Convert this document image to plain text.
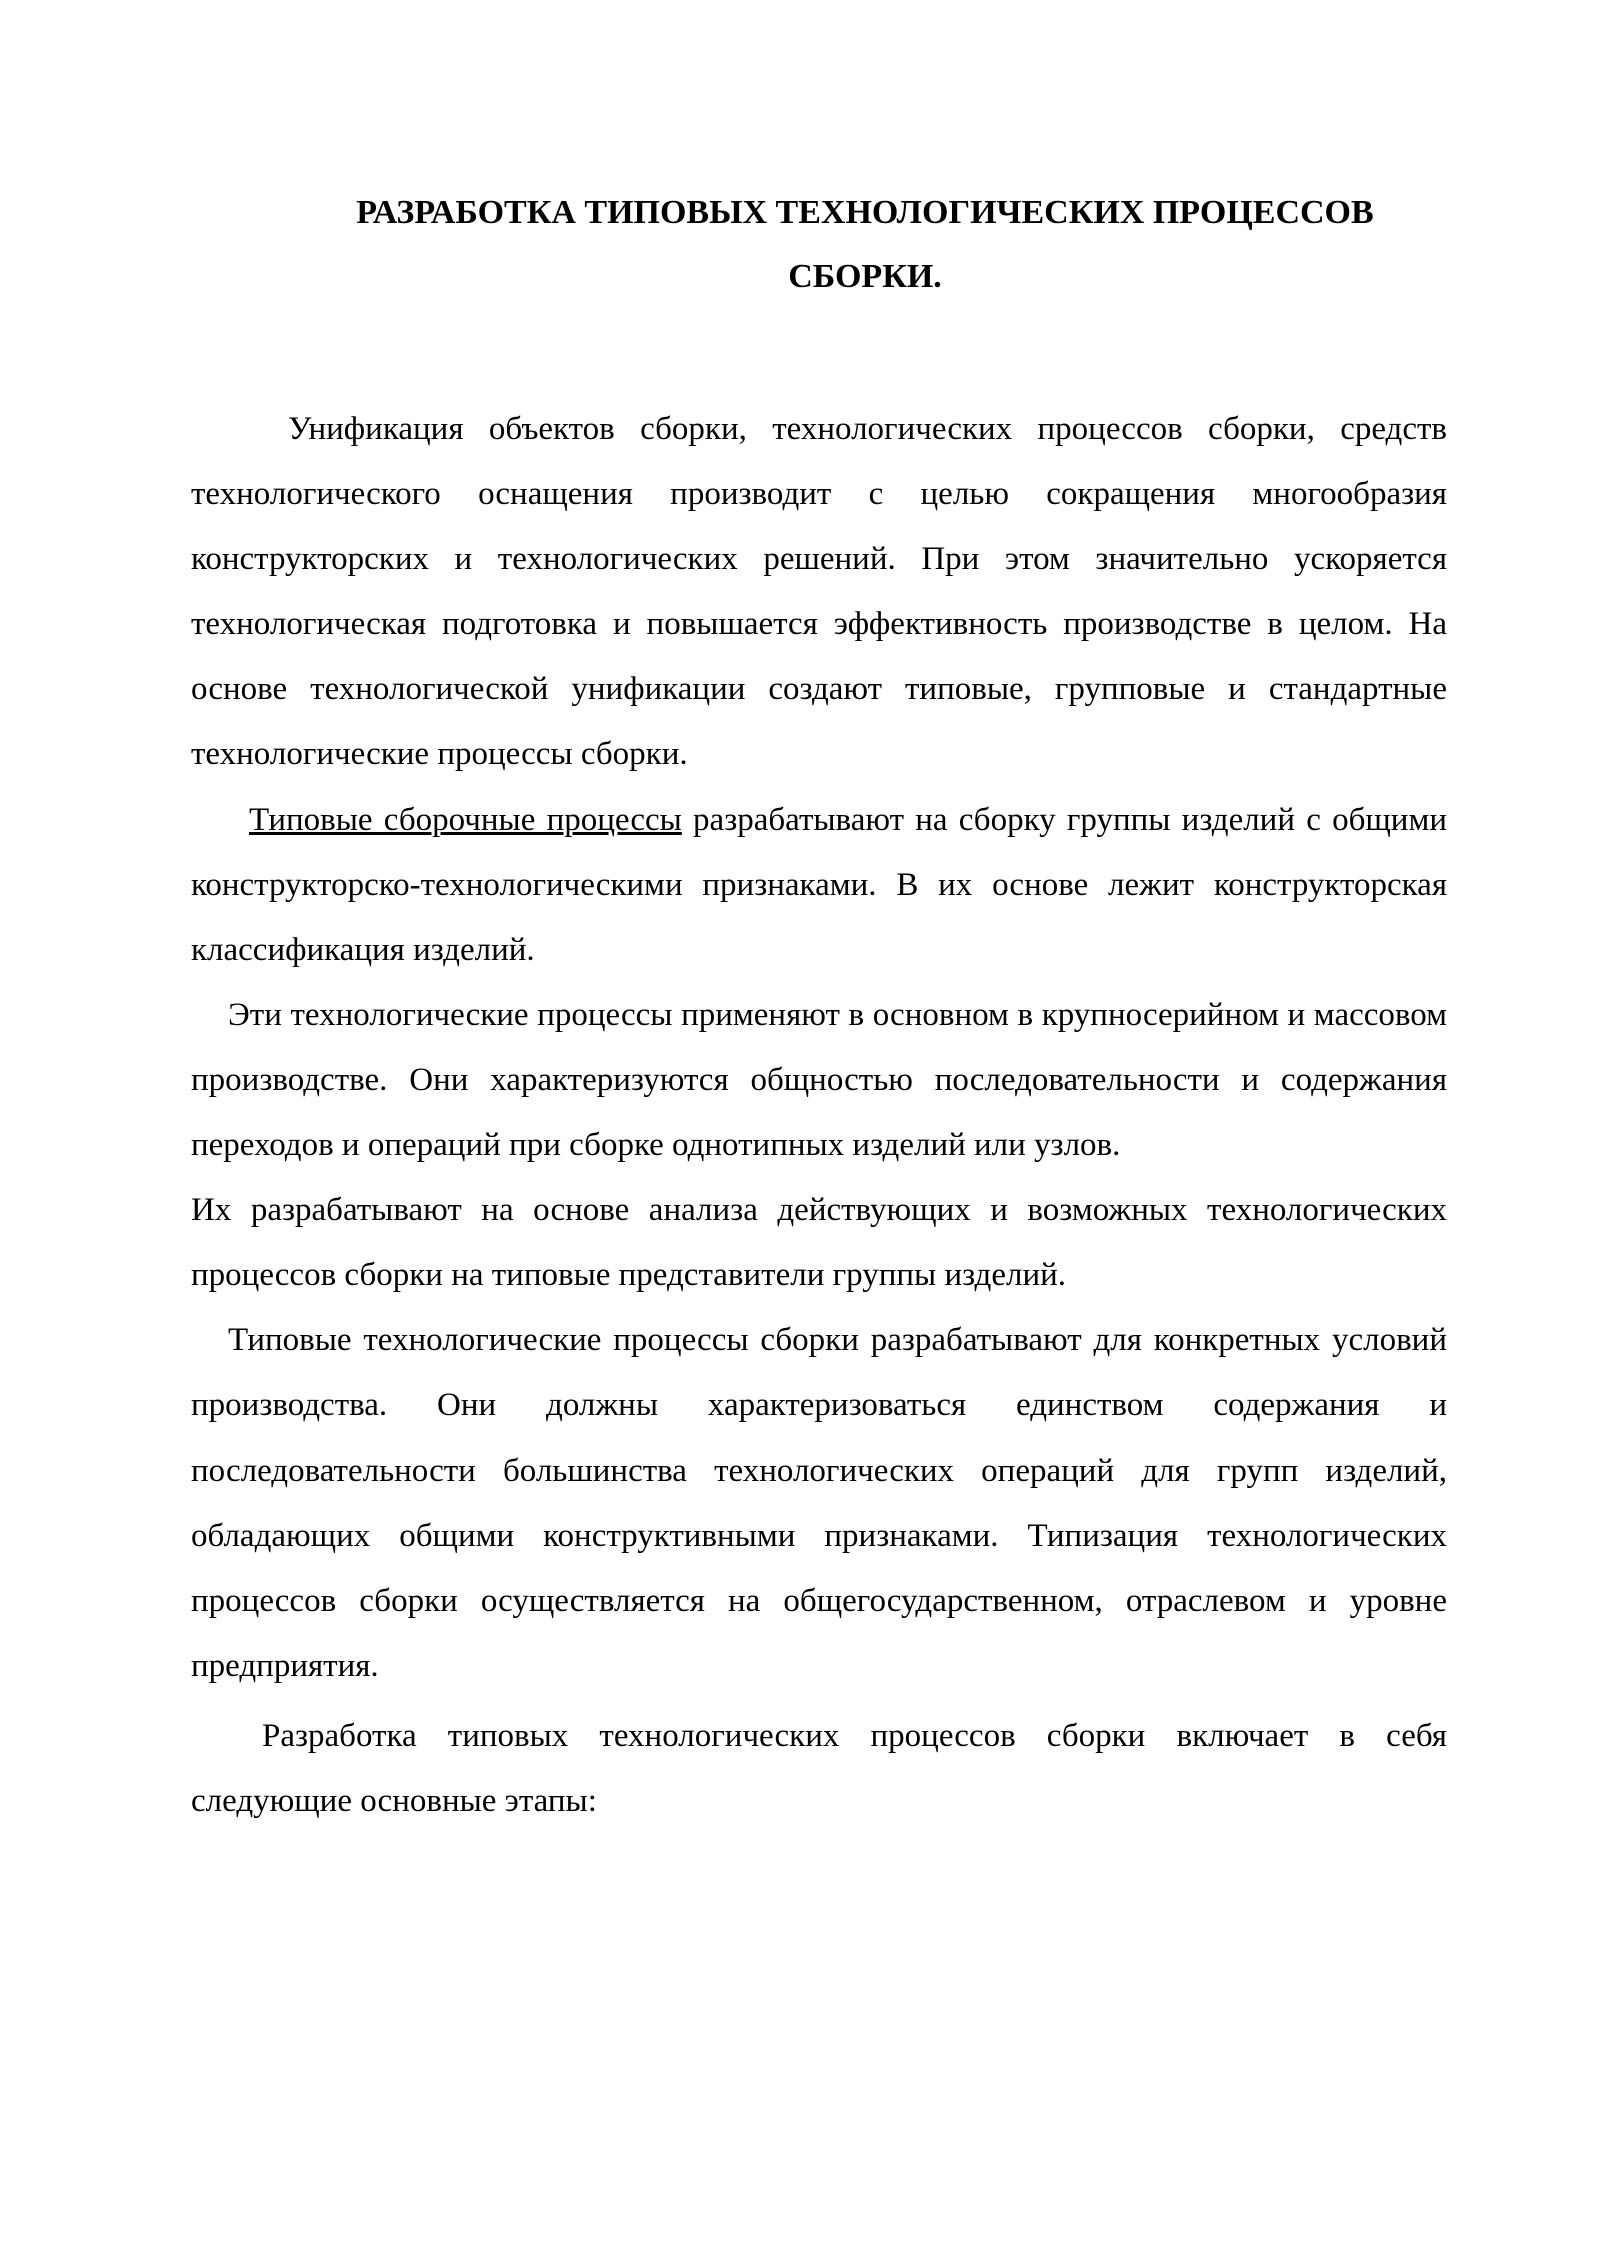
РАЗРАБОТКА ТИПОВЫХ ТЕХНОЛОГИЧЕСКИХ ПРОЦЕССОВ
СБОРКИ.

Унификация объектов сборки, технологических процессов сборки, средств технологического оснащения производит с целью сокращения многообразия конструкторских и технологических решений. При этом значительно ускоряется технологическая подготовка и повышается эффективность производстве в целом. На основе технологической унификации создают типовые, групповые и стандартные технологические процессы сборки.

Типовые сборочные процессы разрабатывают на сборку группы изделий с общими конструкторско-технологическими признаками. В их основе лежит конструкторская классификация изделий.

Эти технологические процессы применяют в основном в крупносерийном и массовом производстве. Они характеризуются общностью последовательности и содержания переходов и операций при сборке однотипных изделий или узлов.

Их разрабатывают на основе анализа действующих и возможных технологических процессов сборки на типовые представители группы изделий.

Типовые технологические процессы сборки разрабатывают для конкретных условий производства. Они должны характеризоваться единством содержания и последовательности большинства технологических операций для групп изделий, обладающих общими конструктивными признаками. Типизация технологических процессов сборки осуществляется на общегосударственном, отраслевом и уровне предприятия.

Разработка типовых технологических процессов сборки включает в себя следующие основные этапы:
